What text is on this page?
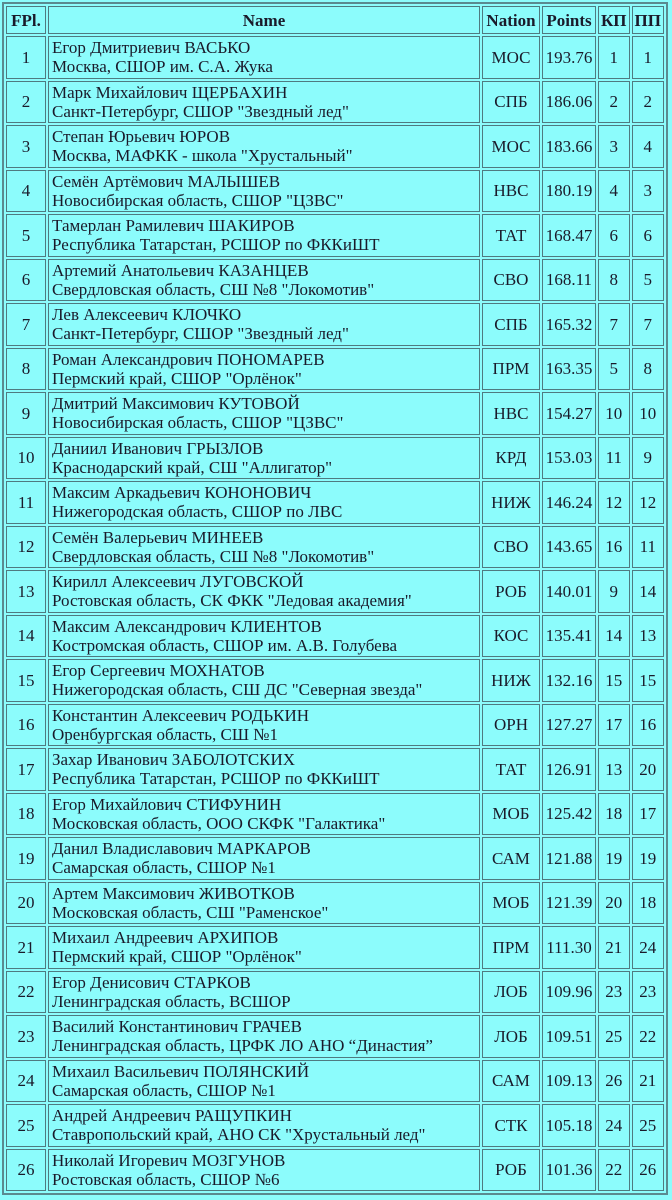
FPl.	Name	Nation	Points	КП	ПП
1	Егор Дмитриевич ВАСЬКО
Москва, СШОР им. С.А. Жука	МОС	193.76	1	1
2	Марк Михайлович ЩЕРБАХИН
Санкт-Петербург, СШОР "Звездный лед"	СПБ	186.06	2	2
3	Степан Юрьевич ЮРОВ
Москва, МАФКК - школа "Хрустальный"	МОС	183.66	3	4
4	Семён Артёмович МАЛЫШЕВ
Новосибирская область, СШОР "ЦЗВС"	НВС	180.19	4	3
5	Тамерлан Рамилевич ШАКИРОВ
Республика Татарстан, РСШОР по ФККиШТ	ТАТ	168.47	6	6
6	Артемий Анатольевич КАЗАНЦЕВ
Свердловская область, СШ №8 "Локомотив"	СВО	168.11	8	5
7	Лев Алексеевич КЛОЧКО
Санкт-Петербург, СШОР "Звездный лед"	СПБ	165.32	7	7
8	Роман Александрович ПОНОМАРЕВ
Пермский край, СШОР "Орлёнок"	ПРМ	163.35	5	8
9	Дмитрий Максимович КУТОВОЙ
Новосибирская область, СШОР "ЦЗВС"	НВС	154.27	10	10
10	Даниил Иванович ГРЫЗЛОВ
Краснодарский край, СШ "Аллигатор"	КРД	153.03	11	9
11	Максим Аркадьевич КОНОНОВИЧ
Нижегородская область, СШОР по ЛВС	НИЖ	146.24	12	12
12	Семён Валерьевич МИНЕЕВ
Свердловская область, СШ №8 "Локомотив"	СВО	143.65	16	11
13	Кирилл Алексеевич ЛУГОВСКОЙ
Ростовская область, СК ФКК "Ледовая академия"	РОБ	140.01	9	14
14	Максим Александрович КЛИЕНТОВ
Костромская область, СШОР им. А.В. Голубева	КОС	135.41	14	13
15	Егор Сергеевич МОХНАТОВ
Нижегородская область, СШ ДС "Северная звезда"	НИЖ	132.16	15	15
16	Константин Алексеевич РОДЬКИН
Оренбургская область, СШ №1	ОРН	127.27	17	16
17	Захар Иванович ЗАБОЛОТСКИХ
Республика Татарстан, РСШОР по ФККиШТ	ТАТ	126.91	13	20
18	Егор Михайлович СТИФУНИН
Московская область, ООО СКФК "Галактика"	МОБ	125.42	18	17
19	Данил Владиславович МАРКАРОВ
Самарская область, СШОР №1	САМ	121.88	19	19
20	Артем Максимович ЖИВОТКОВ
Московская область, СШ "Раменское"	МОБ	121.39	20	18
21	Михаил Андреевич АРХИПОВ
Пермский край, СШОР "Орлёнок"	ПРМ	111.30	21	24
22	Егор Денисович СТАРКОВ
Ленинградская область, ВСШОР	ЛОБ	109.96	23	23
23	Василий Константинович ГРАЧЕВ
Ленинградская область, ЦРФК ЛО АНО “Династия”	ЛОБ	109.51	25	22
24	Михаил Васильевич ПОЛЯНСКИЙ
Самарская область, СШОР №1	САМ	109.13	26	21
25	Андрей Андреевич РАЩУПКИН
Ставропольский край, АНО СК "Хрустальный лед"	СТК	105.18	24	25
26	Николай Игоревич МОЗГУНОВ
Ростовская область, СШОР №6	РОБ	101.36	22	26
